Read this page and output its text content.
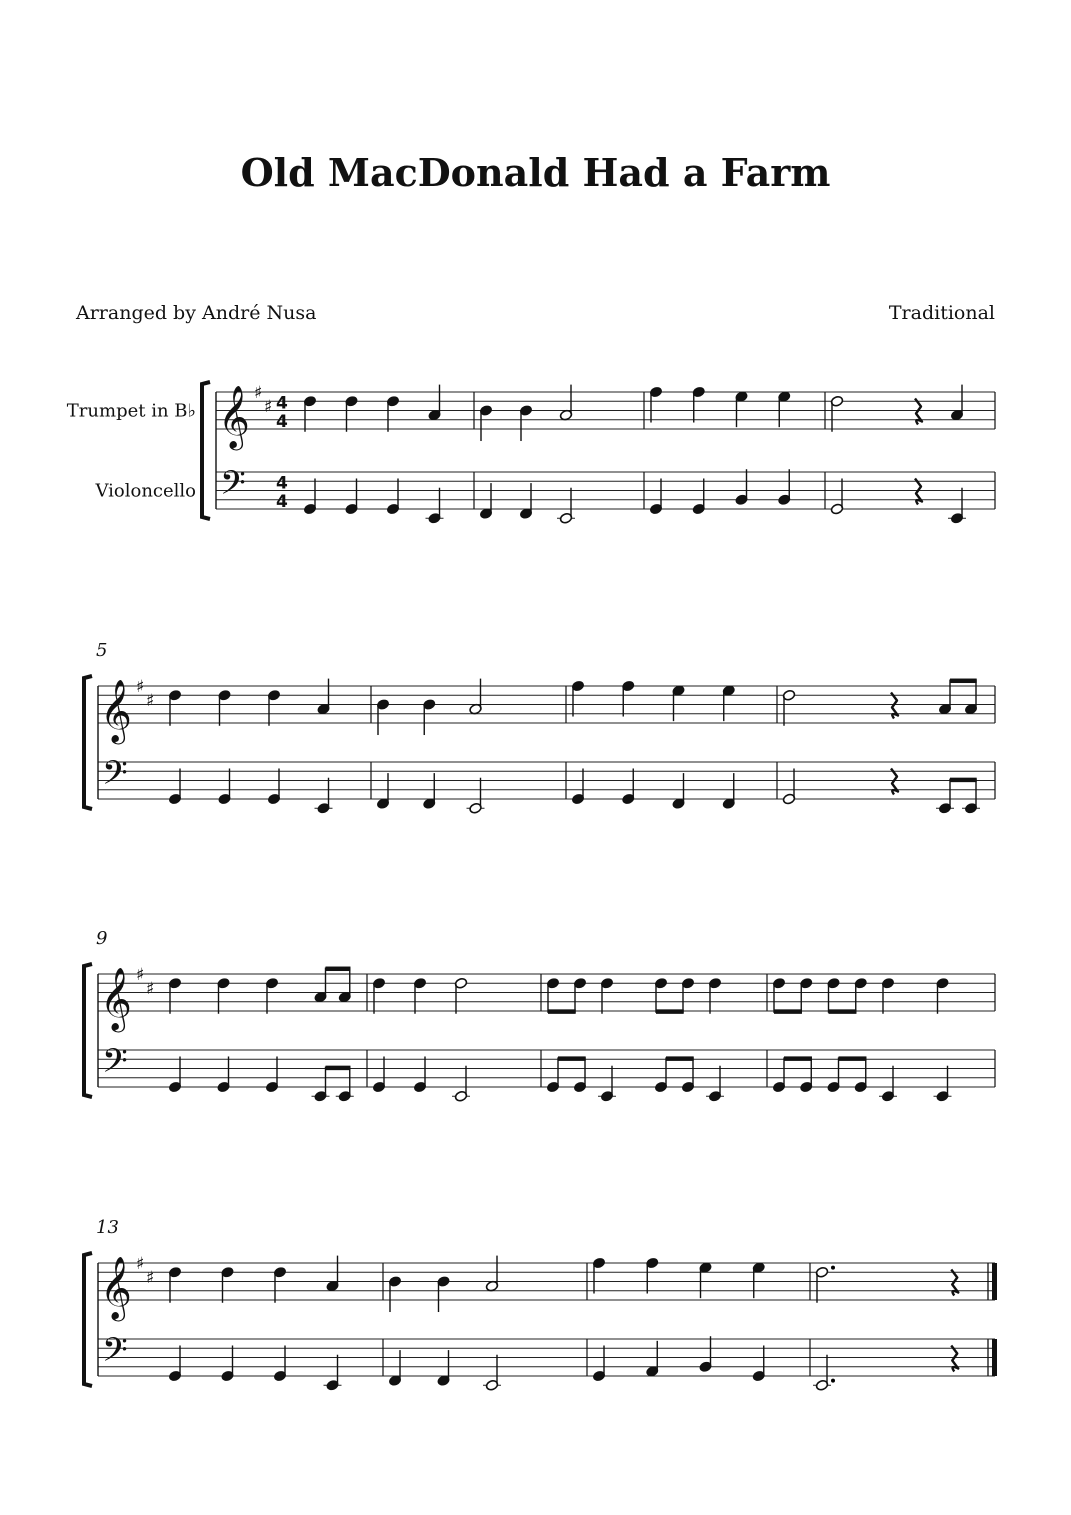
Old MacDonald Had a Farm
Arranged by André Nusa	Traditional
𝄞 ♯
♯
𝄢
4
4
4
4
Trumpet in B♭
Violoncello
𝄞 ♯
♯
𝄢
5
𝄞 ♯
♯
𝄢
9
𝄞 ♯
♯
𝄢
13
